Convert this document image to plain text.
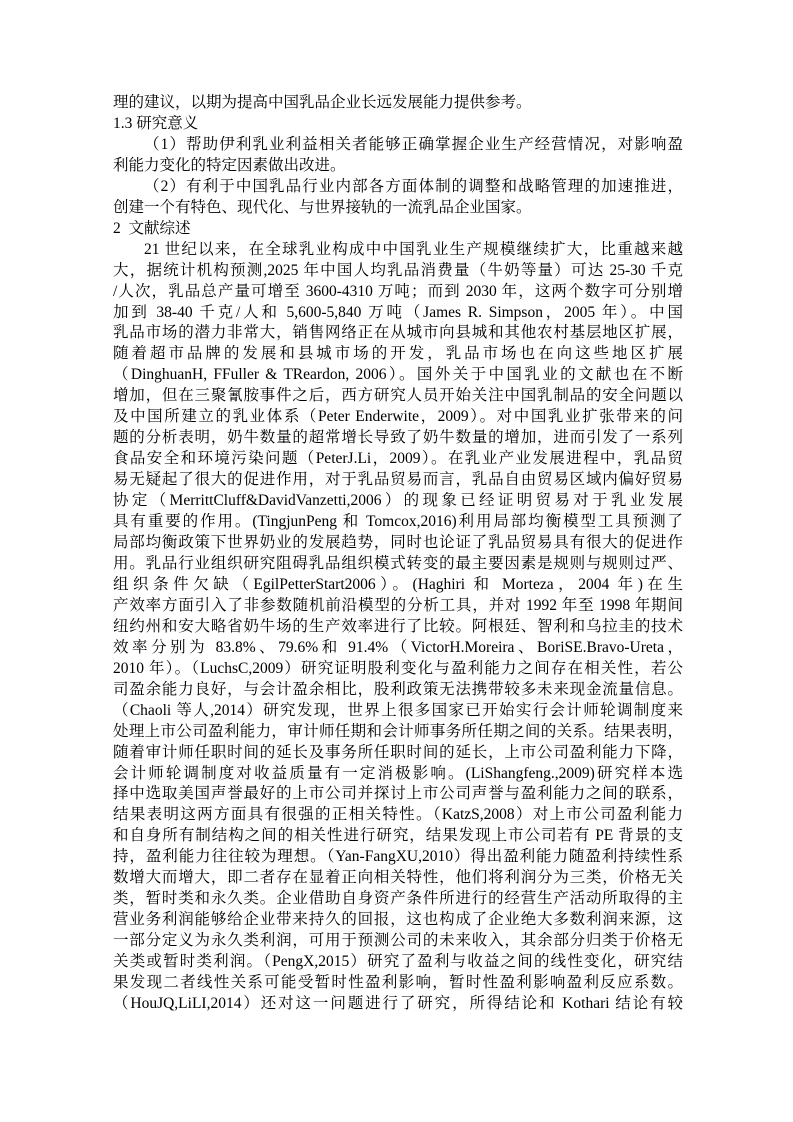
理的建议，以期为提高中国乳品企业长远发展能力提供参考。
1.3 研究意义
（1）帮助伊利乳业利益相关者能够正确掌握企业生产经营情况，对影响盈
利能力变化的特定因素做出改进。
（2）有利于中国乳品行业内部各方面体制的调整和战略管理的加速推进，
创建一个有特色、现代化、与世界接轨的一流乳品企业国家。
2  文献综述
21 世纪以来，在全球乳业构成中中国乳业生产规模继续扩大，比重越来越
大，据统计机构预测,2025 年中国人均乳品消费量（牛奶等量）可达 25-30 千克
/人次，乳品总产量可增至 3600-4310 万吨；而到 2030 年，这两个数字可分别增
加到 38-40 千克/人和 5,600-5,840 万吨（James R. Simpson，2005 年）。中国
乳品市场的潜力非常大，销售网络正在从城市向县城和其他农村基层地区扩展，
随着超市品牌的发展和县城市场的开发，乳品市场也在向这些地区扩展
（DinghuanH, FFuller & TReardon, 2006）。国外关于中国乳业的文献也在不断
增加，但在三聚氰胺事件之后，西方研究人员开始关注中国乳制品的安全问题以
及中国所建立的乳业体系（Peter Enderwite，2009）。对中国乳业扩张带来的问
题的分析表明，奶牛数量的超常增长导致了奶牛数量的增加，进而引发了一系列
食品安全和环境污染问题（PeterJ.Li，2009）。在乳业产业发展进程中，乳品贸
易无疑起了很大的促进作用，对于乳品贸易而言，乳品自由贸易区域内偏好贸易
协定（MerrittCluff&DavidVanzetti,2006）的现象已经证明贸易对于乳业发展
具有重要的作用。(TingjunPeng 和 Tomcox,2016)利用局部均衡模型工具预测了
局部均衡政策下世界奶业的发展趋势，同时也论证了乳品贸易具有很大的促进作
用。乳品行业组织研究阻碍乳品组织模式转变的最主要因素是规则与规则过严、
组织条件欠缺（EgilPetterStart2006）。(Haghiri 和 Morteza，2004 年)在生
产效率方面引入了非参数随机前沿模型的分析工具，并对 1992 年至 1998 年期间
纽约州和安大略省奶牛场的生产效率进行了比较。阿根廷、智利和乌拉圭的技术
效率分别为 83.8%、79.6%和 91.4%（VictorH.Moreira、BoriSE.Bravo-Ureta，
2010 年）。（LuchsC,2009）研究证明股利变化与盈利能力之间存在相关性，若公
司盈余能力良好，与会计盈余相比，股利政策无法携带较多未来现金流量信息。
（Chaoli 等人,2014）研究发现，世界上很多国家已开始实行会计师轮调制度来
处理上市公司盈利能力，审计师任期和会计师事务所任期之间的关系。结果表明，
随着审计师任职时间的延长及事务所任职时间的延长，上市公司盈利能力下降，
会计师轮调制度对收益质量有一定消极影响。(LiShangfeng.,2009)研究样本选
择中选取美国声誉最好的上市公司并探讨上市公司声誉与盈利能力之间的联系，
结果表明这两方面具有很强的正相关特性。（KatzS,2008）对上市公司盈利能力
和自身所有制结构之间的相关性进行研究，结果发现上市公司若有 PE 背景的支
持，盈利能力往往较为理想。（Yan-FangXU,2010）得出盈利能力随盈利持续性系
数增大而增大，即二者存在显着正向相关特性，他们将利润分为三类，价格无关
类，暂时类和永久类。企业借助自身资产条件所进行的经营生产活动所取得的主
营业务利润能够给企业带来持久的回报，这也构成了企业绝大多数利润来源，这
一部分定义为永久类利润，可用于预测公司的未来收入，其余部分归类于价格无
关类或暂时类利润。（PengX,2015）研究了盈利与收益之间的线性变化，研究结
果发现二者线性关系可能受暂时性盈利影响，暂时性盈利影响盈利反应系数。
（HouJQ,LiLI,2014）还对这一问题进行了研究，所得结论和 Kothari 结论有较
